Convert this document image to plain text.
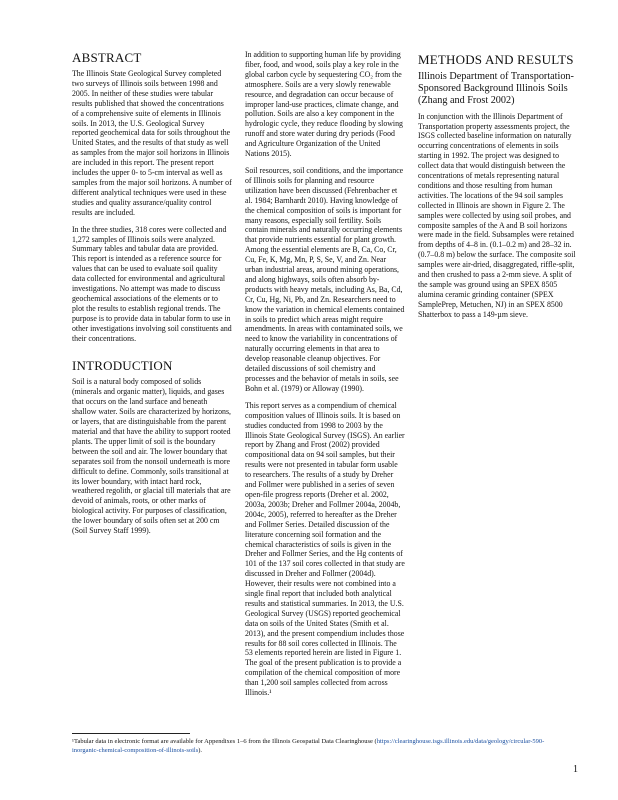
ABSTRACT

The Illinois State Geological Survey completed two surveys of Illinois soils between 1998 and 2005. In neither of these studies were tabular results published that showed the concentrations of a comprehensive suite of elements in Illinois soils. In 2013, the U.S. Geological Survey reported geochemical data for soils throughout the United States, and the results of that study as well as samples from the major soil horizons in Illinois are included in this report. The present report includes the upper 0- to 5-cm interval as well as samples from the major soil horizons. A number of different analytical techniques were used in these studies and quality assurance/quality control results are included.

In the three studies, 318 cores were collected and 1,272 samples of Illinois soils were analyzed. Summary tables and tabular data are provided. This report is intended as a reference source for values that can be used to evaluate soil quality data collected for environmental and agricultural investigations. No attempt was made to discuss geochemical associations of the elements or to plot the results to establish regional trends. The purpose is to provide data in tabular form to use in other investigations involving soil constituents and their concentrations.

INTRODUCTION

Soil is a natural body composed of solids (minerals and organic matter), liquids, and gases that occurs on the land surface and beneath shallow water. Soils are characterized by horizons, or layers, that are distinguishable from the parent material and that have the ability to support rooted plants. The upper limit of soil is the boundary between the soil and air. The lower boundary that separates soil from the nonsoil underneath is more difficult to define. Commonly, soils transitional at its lower boundary, with intact hard rock, weathered regolith, or glacial till materials that are devoid of animals, roots, or other marks of biological activity. For purposes of classification, the lower boundary of soils often set at 200 cm (Soil Survey Staff 1999).

In addition to supporting human life by providing fiber, food, and wood, soils play a key role in the global carbon cycle by sequestering CO₂ from the atmosphere. Soils are a very slowly renewable resource, and degradation can occur because of improper land-use practices, climate change, and pollution. Soils are also a key component in the hydrologic cycle, they reduce flooding by slowing runoff and store water during dry periods (Food and Agriculture Organization of the United Nations 2015).

Soil resources, soil conditions, and the importance of Illinois soils for planning and resource utilization have been discussed (Fehrenbacher et al. 1984; Barnhardt 2010). Having knowledge of the chemical composition of soils is important for many reasons, especially soil fertility. Soils contain minerals and naturally occurring elements that provide nutrients essential for plant growth. Among the essential elements are B, Ca, Co, Cr, Cu, Fe, K, Mg, Mn, P, S, Se, V, and Zn. Near urban industrial areas, around mining operations, and along highways, soils often absorb by-products with heavy metals, including As, Ba, Cd, Cr, Cu, Hg, Ni, Pb, and Zn. Researchers need to know the variation in chemical elements contained in soils to predict which areas might require amendments. In areas with contaminated soils, we need to know the variability in concentrations of naturally occurring elements in that area to develop reasonable cleanup objectives. For detailed discussions of soil chemistry and processes and the behavior of metals in soils, see Bohn et al. (1979) or Alloway (1990).

This report serves as a compendium of chemical composition values of Illinois soils. It is based on studies conducted from 1998 to 2003 by the Illinois State Geological Survey (ISGS). An earlier report by Zhang and Frost (2002) provided compositional data on 94 soil samples, but their results were not presented in tabular form usable to researchers. The results of a study by Dreher and Follmer were published in a series of seven open-file progress reports (Dreher et al. 2002, 2003a, 2003b; Dreher and Follmer 2004a, 2004b, 2004c, 2005), referred to hereafter as the Dreher and Follmer Series. Detailed discussion of the literature concerning soil formation and the chemical characteristics of soils is given in the Dreher and Follmer Series, and the Hg contents of 101 of the 137 soil cores collected in that study are discussed in Dreher and Follmer (2004d). However, their results were not combined into a single final report that included both analytical results and statistical summaries. In 2013, the U.S. Geological Survey (USGS) reported geochemical data on soils of the United States (Smith et al. 2013), and the present compendium includes those results for 88 soil cores collected in Illinois. The 53 elements reported herein are listed in Figure 1. The goal of the present publication is to provide a compilation of the chemical composition of more than 1,200 soil samples collected from across Illinois.¹

METHODS AND RESULTS
Illinois Department of Transportation-Sponsored Background Illinois Soils (Zhang and Frost 2002)

In conjunction with the Illinois Department of Transportation property assessments project, the ISGS collected baseline information on naturally occurring concentrations of elements in soils starting in 1992. The project was designed to collect data that would distinguish between the concentrations of metals representing natural conditions and those resulting from human activities. The locations of the 94 soil samples collected in Illinois are shown in Figure 2. The samples were collected by using soil probes, and composite samples of the A and B soil horizons were made in the field. Subsamples were retained from depths of 4–8 in. (0.1–0.2 m) and 28–32 in. (0.7–0.8 m) below the surface. The composite soil samples were air-dried, disaggregated, riffle-split, and then crushed to pass a 2-mm sieve. A split of the sample was ground using an SPEX 8505 alumina ceramic grinding container (SPEX SamplePrep, Metuchen, NJ) in an SPEX 8500 Shatterbox to pass a 149-µm sieve.

¹Tabular data in electronic format are available for Appendixes 1–6 from the Illinois Geospatial Data Clearinghouse (https://clearinghouse.isgs.illinois.edu/data/geology/circular-590-inorganic-chemical-composition-of-illinois-soils).

1
